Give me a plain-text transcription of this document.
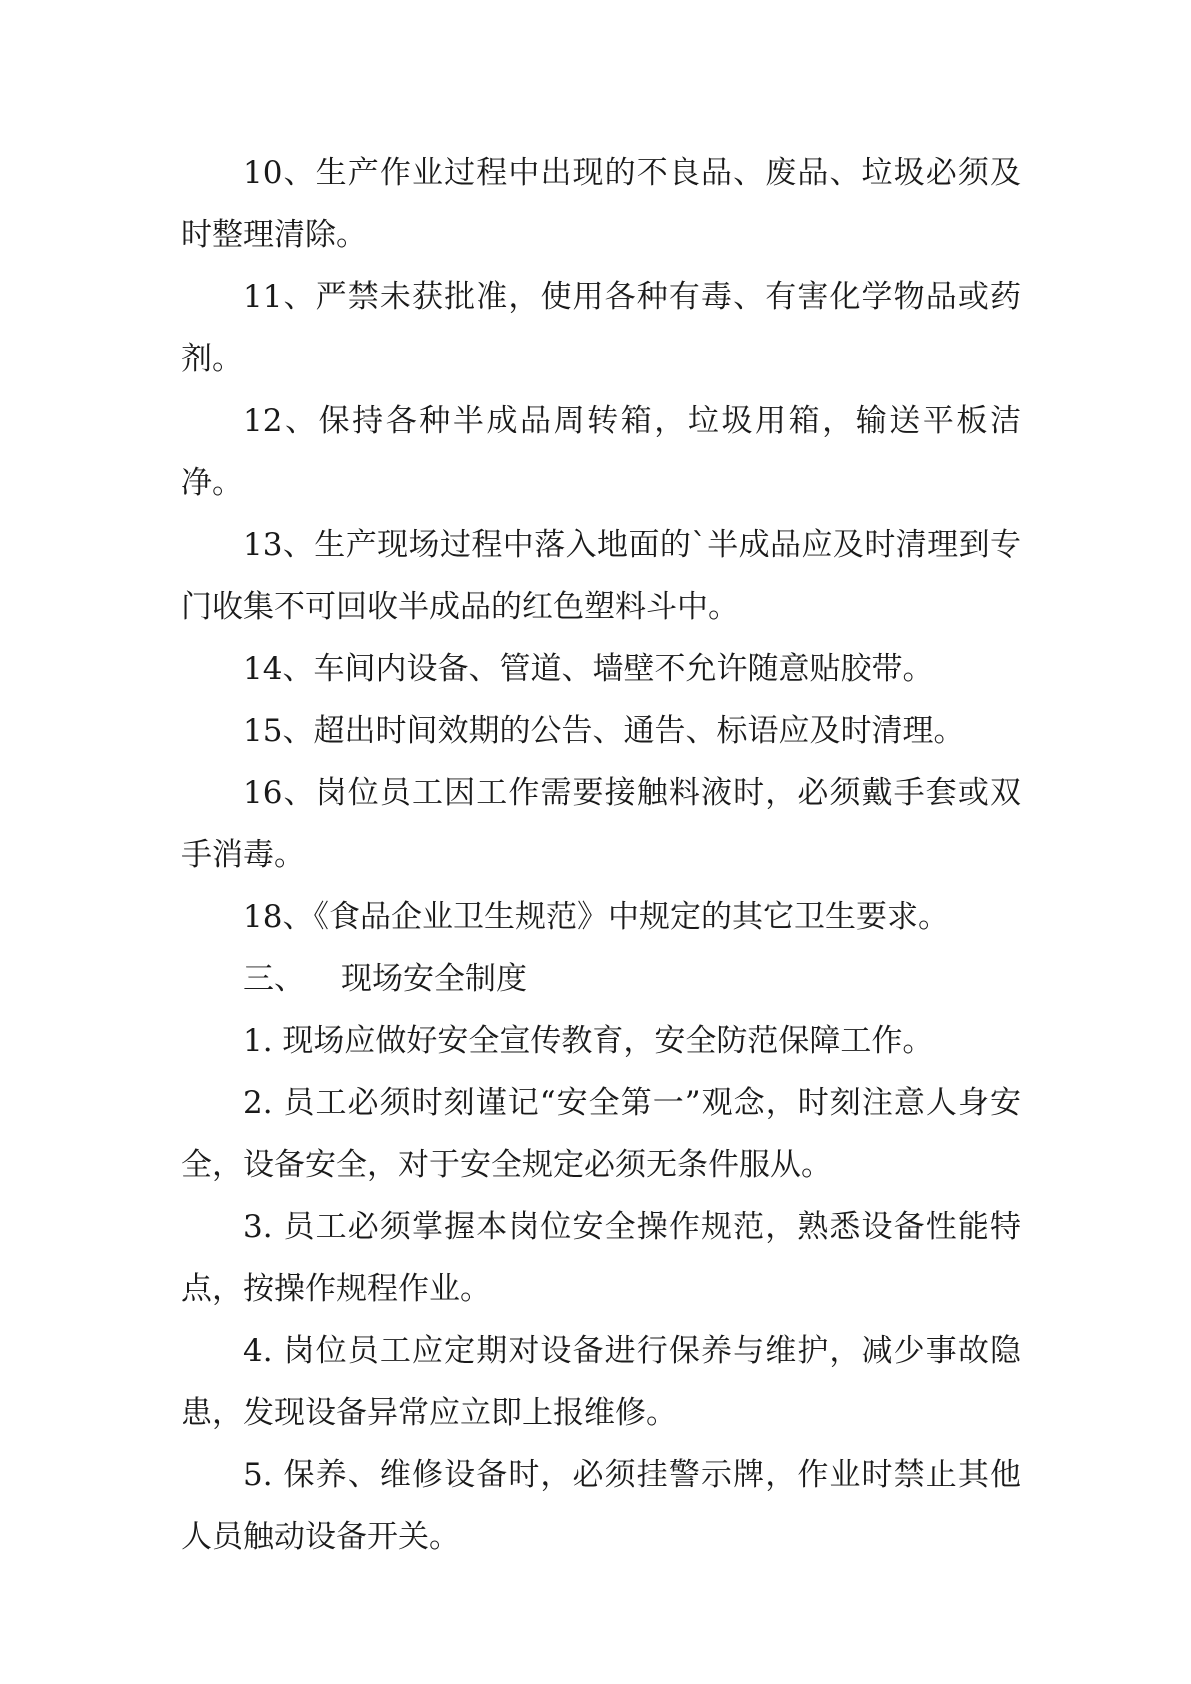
10、生产作业过程中出现的不良品、废品、垃圾必须及时整理清除。

11、严禁未获批准，使用各种有毒、有害化学物品或药剂。

12、保持各种半成品周转箱，垃圾用箱，输送平板洁净。

13、生产现场过程中落入地面的`半成品应及时清理到专门收集不可回收半成品的红色塑料斗中。

14、车间内设备、管道、墙壁不允许随意贴胶带。

15、超出时间效期的公告、通告、标语应及时清理。

16、岗位员工因工作需要接触料液时，必须戴手套或双手消毒。

18、《食品企业卫生规范》中规定的其它卫生要求。

三、 现场安全制度

1. 现场应做好安全宣传教育，安全防范保障工作。

2. 员工必须时刻谨记“安全第一”观念，时刻注意人身安全，设备安全，对于安全规定必须无条件服从。

3. 员工必须掌握本岗位安全操作规范，熟悉设备性能特点，按操作规程作业。

4. 岗位员工应定期对设备进行保养与维护，减少事故隐患，发现设备异常应立即上报维修。

5. 保养、维修设备时，必须挂警示牌，作业时禁止其他人员触动设备开关。
